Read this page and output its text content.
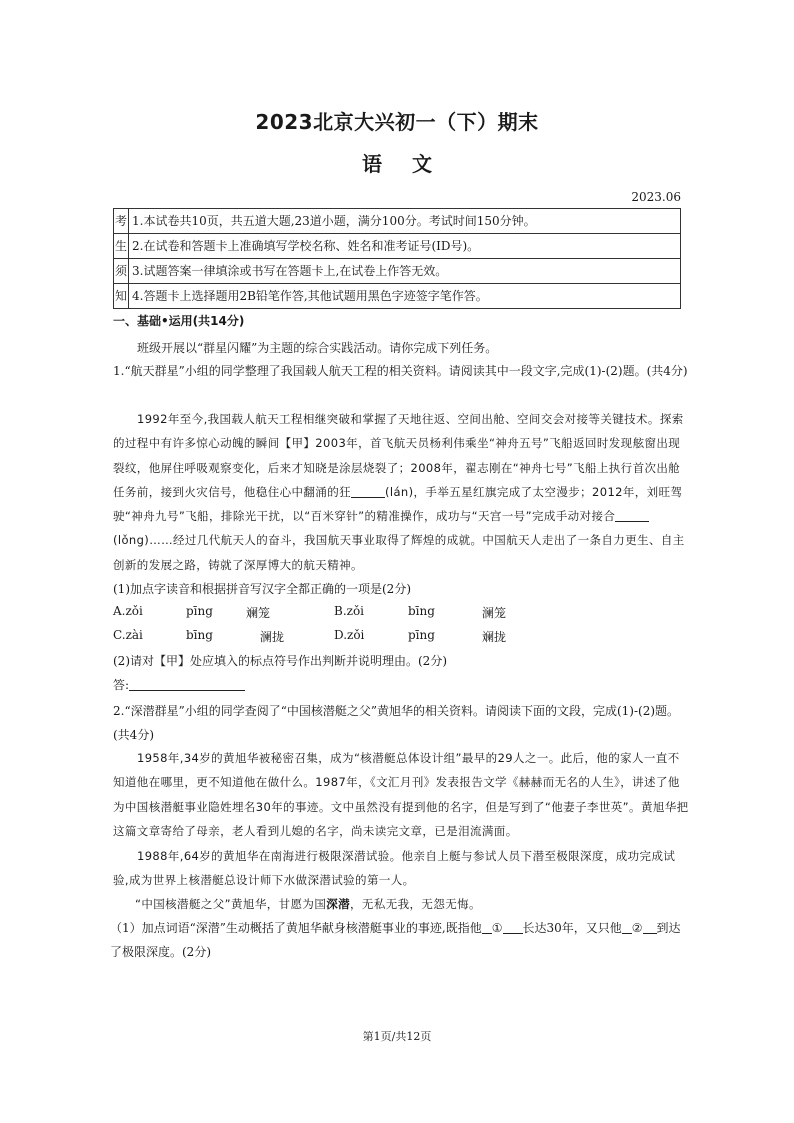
2023北京大兴初一（下）期末
语文
2023.06
考	1.本试卷共10页，共五道大题,23道小题，满分100分。考试时间150分钟。
生	2.在试卷和答题卡上准确填写学校名称、姓名和准考证号(ID号)。
须	3.试题答案一律填涂或书写在答题卡上,在试卷上作答无效。
知	4.答题卡上选择题用2B铅笔作答,其他试题用黑色字迹签字笔作答。
一、基础•运用(共14分)
班级开展以“群星闪耀”为主题的综合实践活动。请你完成下列任务。
1.“航天群星”小组的同学整理了我国载人航天工程的相关资料。请阅读其中一段文字,完成(1)-(2)题。(共4分)
1992年至今,我国载人航天工程相继突破和掌握了天地往返、空间出舱、空间交会对接等关键技术。探索的过程中有许多惊心动魄的瞬间【甲】2003年，首飞航天员杨利伟乘坐“神舟五号”飞船返回时发现舷窗出现裂纹，他屏住呼吸观察变化，后来才知晓是涂层烧裂了；2008年，翟志刚在“神舟七号”飞船上执行首次出舱任务前，接到火灾信号，他稳住心中翻涌的狂	(lán)，手举五星红旗完成了太空漫步；2012年，刘旺驾驶“神舟九号”飞船，排除光干扰，以“百米穿针”的精准操作，成功与“天宫一号”完成手动对接合(lǒng)……经过几代航天人的奋斗，我国航天事业取得了辉煌的成就。中国航天人走出了一条自力更生、自主创新的发展之路，铸就了深厚博大的航天精神。
(1)加点字读音和根据拼音写汉字全都正确的一项是(2分)
A.zǒi	pīng	斓 笼	B.zǒi	bīng	澜 笼
C.zài	bīng	澜 拢	D.zǒi	pīng	斓 拢
(2)请对【甲】处应填入的标点符号作出判断并说明理由。(2分)
答:
2.“深潜群星”小组的同学查阅了“中国核潜艇之父”黄旭华的相关资料。请阅读下面的文段，完成(1)-(2)题。(共4分)
1958年,34岁的黄旭华被秘密召集，成为“核潜艇总体设计组”最早的29人之一。此后，他的家人一直不知道他在哪里，更不知道他在做什么。1987年，《文汇月刊》发表报告文学《赫赫而无名的人生》，讲述了他为中国核潜艇事业隐姓埋名30年的事迹。文中虽然没有提到他的名字，但是写到了“他妻子李世英”。黄旭华把这篇文章寄给了母亲，老人看到儿媳的名字，尚未读完文章，已是泪流满面。
1988年,64岁的黄旭华在南海进行极限深潜试验。他亲自上艇与参试人员下潜至极限深度，成功完成试验,成为世界上核潜艇总设计师下水做深潜试验的第一人。
“中国核潜艇之父”黄旭华，甘愿为国深潜，无私无我，无怨无悔。
（1）加点词语“深潜”生动概括了黄旭华献身核潜艇事业的事迹,既指他 ① 长达30年，又只他 ② 到达了极限深度。(2分)
第1页/共12页
